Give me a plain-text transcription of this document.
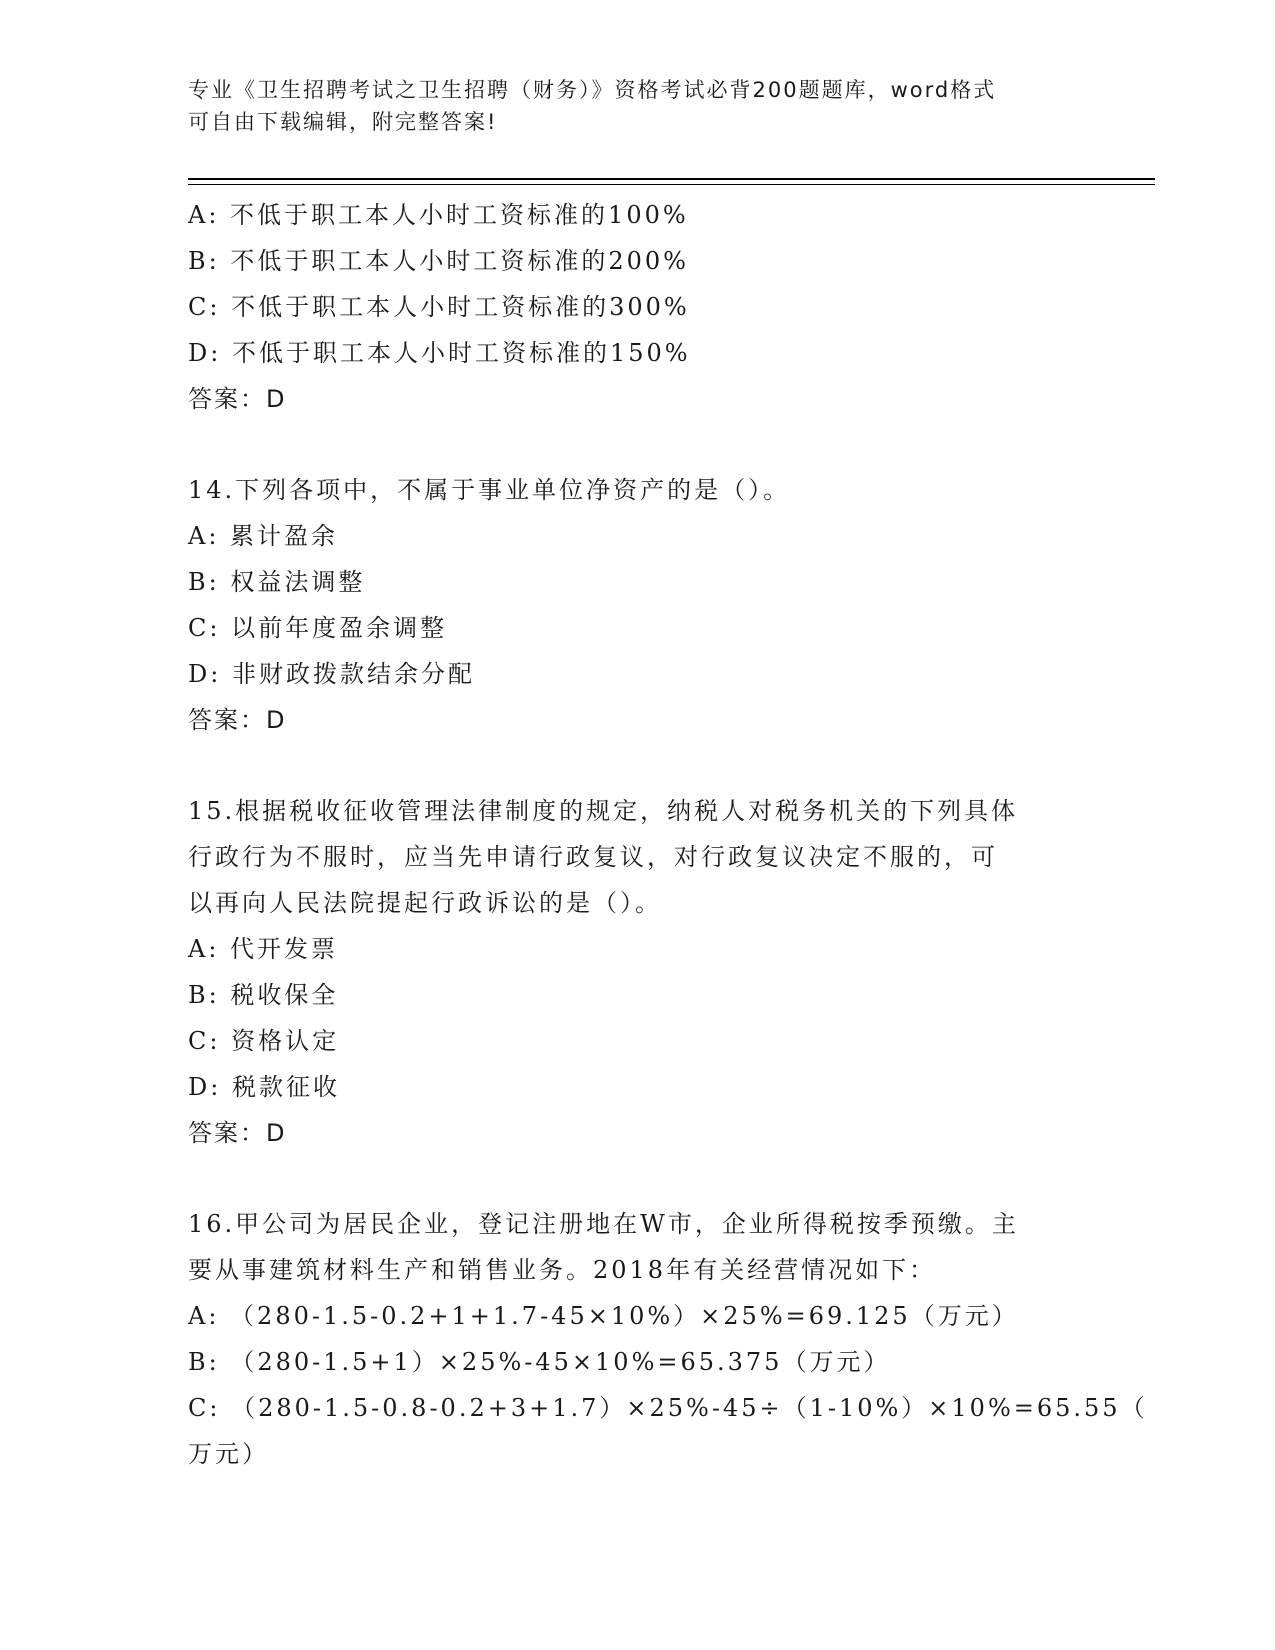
专业《卫生招聘考试之卫生招聘（财务）》资格考试必背200题题库，word格式
可自由下载编辑，附完整答案!
A: 不低于职工本人小时工资标准的100%
B: 不低于职工本人小时工资标准的200%
C: 不低于职工本人小时工资标准的300%
D: 不低于职工本人小时工资标准的150%
答案：D
14.下列各项中，不属于事业单位净资产的是（）。
A: 累计盈余
B: 权益法调整
C: 以前年度盈余调整
D: 非财政拨款结余分配
答案：D
15.根据税收征收管理法律制度的规定，纳税人对税务机关的下列具体
行政行为不服时，应当先申请行政复议，对行政复议决定不服的，可
以再向人民法院提起行政诉讼的是（）。
A: 代开发票
B: 税收保全
C: 资格认定
D: 税款征收
答案：D
16.甲公司为居民企业，登记注册地在W市，企业所得税按季预缴。主
要从事建筑材料生产和销售业务。2018年有关经营情况如下：
A: （280-1.5-0.2+1+1.7-45×10%）×25%=69.125（万元）
B: （280-1.5+1）×25%-45×10%=65.375（万元）
C: （280-1.5-0.8-0.2+3+1.7）×25%-45÷（1-10%）×10%=65.55（
万元）
